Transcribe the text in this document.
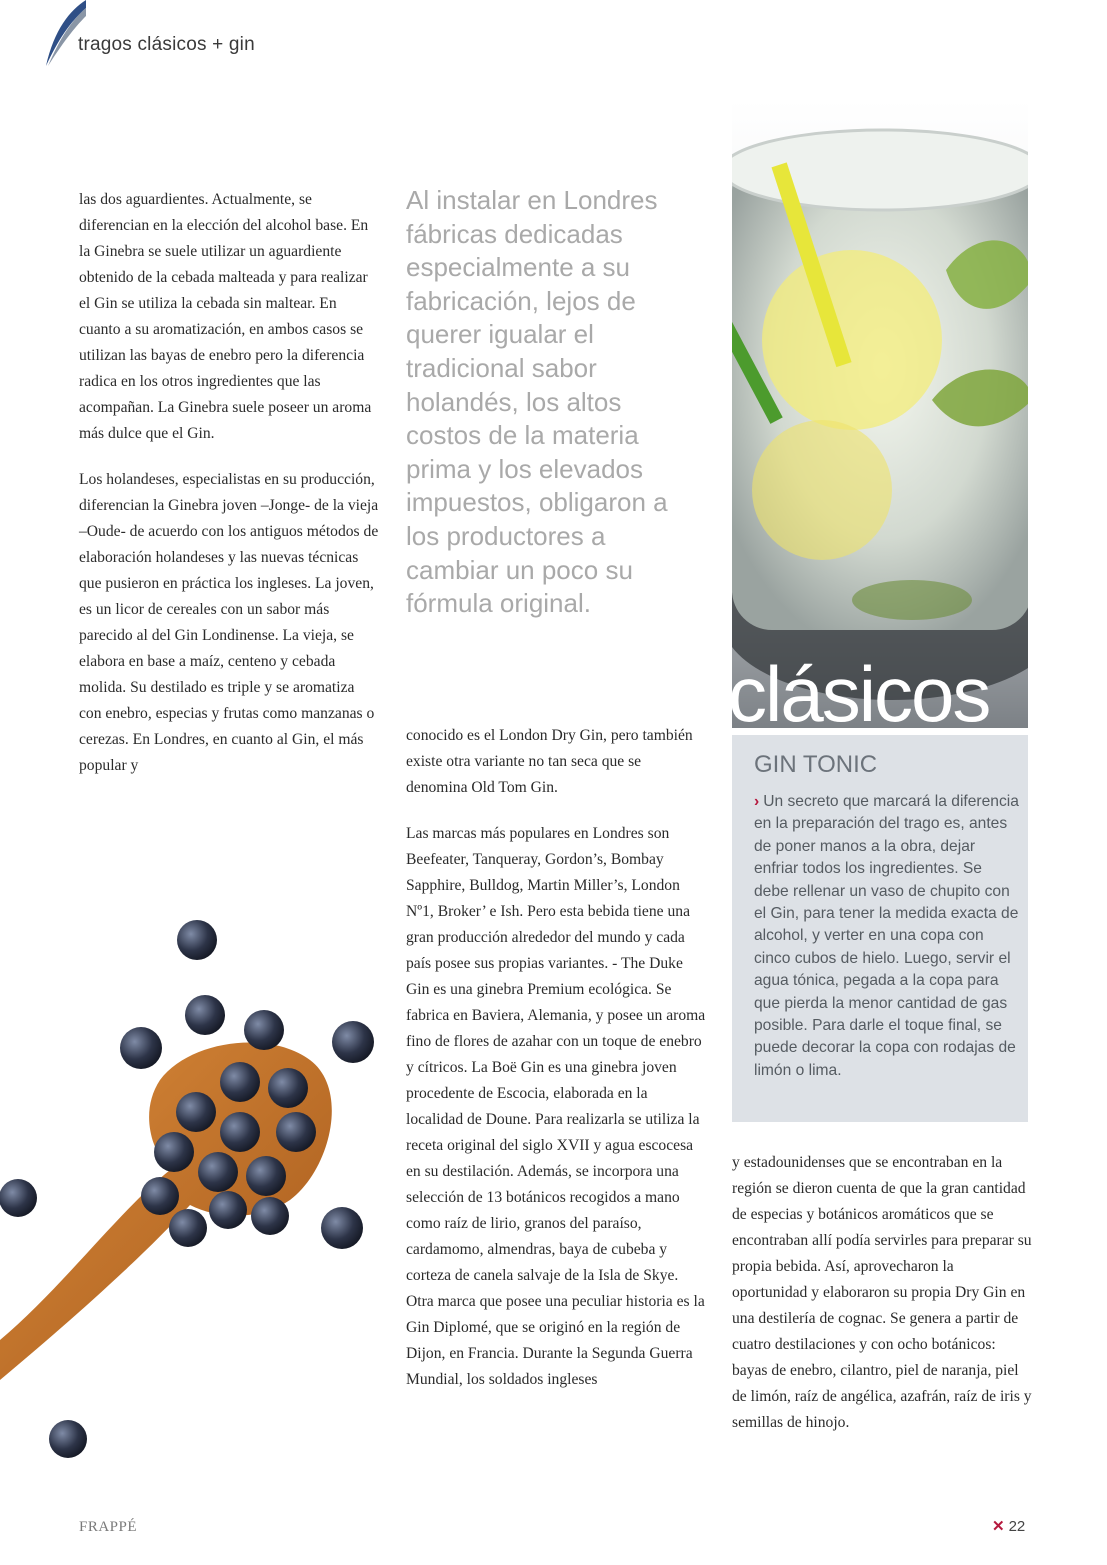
tragos clásicos + gin

las dos aguardientes. Actualmente, se diferencian en la elección del alcohol base. En la Ginebra se suele utilizar un aguardiente obtenido de la cebada malteada y para realizar el Gin se utiliza la cebada sin maltear. En cuanto a su aromatización, en ambos casos se utilizan las bayas de enebro pero la diferencia radica en los otros ingredientes que las acompañan. La Ginebra suele poseer un aroma más dulce que el Gin.

Los holandeses, especialistas en su producción, diferencian la Ginebra joven –Jonge- de la vieja –Oude- de acuerdo con los antiguos métodos de elaboración holandeses y las nuevas técnicas que pusieron en práctica los ingleses. La joven, es un licor de cereales con un sabor más parecido al del Gin Londinense. La vieja, se elabora en base a maíz, centeno y cebada molida. Su destilado es triple y se aromatiza con enebro, especias y frutas como manzanas o cerezas. En Londres, en cuanto al Gin, el más popular y

Al instalar en Londres fábricas dedicadas especialmente a su fabricación, lejos de querer igualar el tradicional sabor holandés, los altos costos de la materia prima y los elevados impuestos, obligaron a los productores a cambiar un poco su fórmula original.

conocido es el London Dry Gin, pero también existe otra variante no tan seca que se denomina Old Tom Gin.

Las marcas más populares en Londres son Beefeater, Tanqueray, Gordon’s, Bombay Sapphire, Bulldog, Martin Miller’s, London Nº1, Broker’ e Ish. Pero esta bebida tiene una gran producción alrededor del mundo y cada país posee sus propias variantes. - The Duke Gin es una ginebra Premium ecológica. Se fabrica en Baviera, Alemania, y posee un aroma fino de flores de azahar con un toque de enebro y cítricos. La Boë Gin es una ginebra joven procedente de Escocia, elaborada en la localidad de Doune. Para realizarla se utiliza la receta original del siglo XVII y agua escocesa en su destilación. Además, se incorpora una selección de 13 botánicos recogidos a mano como raíz de lirio, granos del paraíso, cardamomo, almendras, baya de cubeba y corteza de canela salvaje de la Isla de Skye. Otra marca que posee una peculiar historia es la Gin Diplomé, que se originó en la región de Dijon, en Francia. Durante la Segunda Guerra Mundial, los soldados ingleses

clásicos
GIN TONIC
› Un secreto que marcará la diferencia en la preparación del trago es, antes de poner manos a la obra, dejar enfriar todos los ingredientes. Se debe rellenar un vaso de chupito con el Gin, para tener la medida exacta de alcohol, y verter en una copa con cinco cubos de hielo. Luego, servir el agua tónica, pegada a la copa para que pierda la menor cantidad de gas posible. Para darle el toque final, se puede decorar la copa con rodajas de limón o lima.

y estadounidenses que se encontraban en la región se dieron cuenta de que la gran cantidad de especias y botánicos aromáticos que se encontraban allí podía servirles para preparar su propia bebida. Así, aprovecharon la oportunidad y elaboraron su propia Dry Gin en una destilería de cognac. Se genera a partir de cuatro destilaciones y con ocho botánicos: bayas de enebro, cilantro, piel de naranja, piel de limón, raíz de angélica, azafrán, raíz de iris y semillas de hinojo.

FRAPPÉ	✕ 22
